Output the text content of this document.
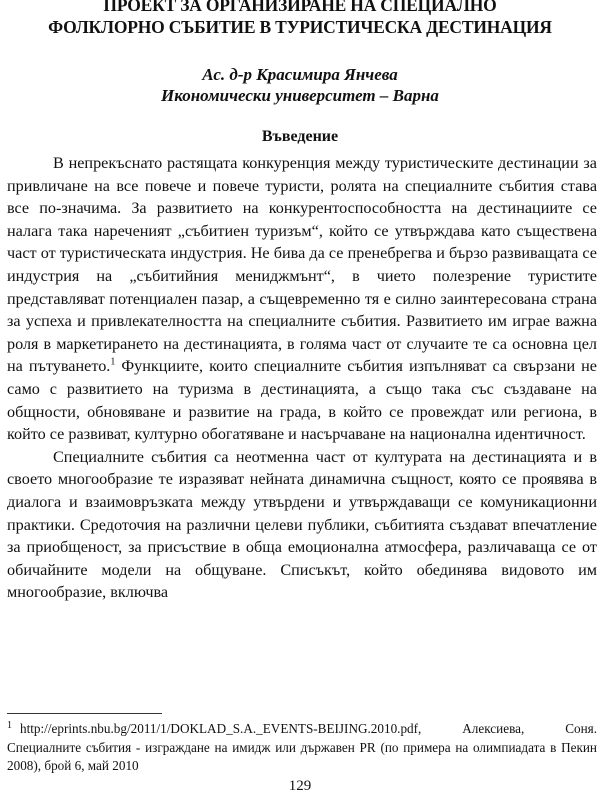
ПРОЕКТ ЗА ОРГАНИЗИРАНЕ НА СПЕЦИАЛНО
ФОЛКЛОРНО СЪБИТИЕ В ТУРИСТИЧЕСКА ДЕСТИНАЦИЯ
Ас. д-р Красимира Янчева
Икономически университет – Варна
Въведение

В непрекъснато растящата конкуренция между туристическите дестинации за привличане на все повече и повече туристи, ролята на специалните събития става все по-значима. За развитието на конкурентоспособността на дестинациите се налага така нареченият „събитиен туризъм“, който се утвърждава като съществена част от туристическата индустрия. Не бива да се пренебрегва и бързо развиващата се индустрия на „събитийния мениджмънт“, в чието полезрение туристите представляват потенциален пазар, а същевременно тя е силно заинтересована страна за успеха и привлекателността на специалните събития. Развитието им играе важна роля в маркетирането на дестинацията, в голяма част от случаите те са основна цел на пътуването.$^1$ Функциите, които специалните събития изпълняват са свързани не само с развитието на туризма в дестинацията, а също така със създаване на общности, обновяване и развитие на града, в който се провеждат или региона, в който се развиват, културно обогатяване и насърчаване на национална идентичност.

Специалните събития са неотменна част от културата на дестинацията и в своето многообразие те изразяват нейната динамична същност, която се проявява в диалога и взаимовръзката между утвърдени и утвърждаващи се комуникационни практики. Средоточия на различни целеви публики, събитията създават впечатление за приобщеност, за присъствие в обща емоционална атмосфера, различаваща се от обичайните модели на общуване. Списъкът, който обединява видовото им многообразие, включва

$^1$ http://eprints.nbu.bg/2011/1/DOKLAD_S.A._EVENTS-BEIJING.2010.pdf, Алексиева, Соня. Специалните събития - изграждане на имидж или държавен PR (по примера на олимпиадата в Пекин 2008), брой 6, май 2010
129
